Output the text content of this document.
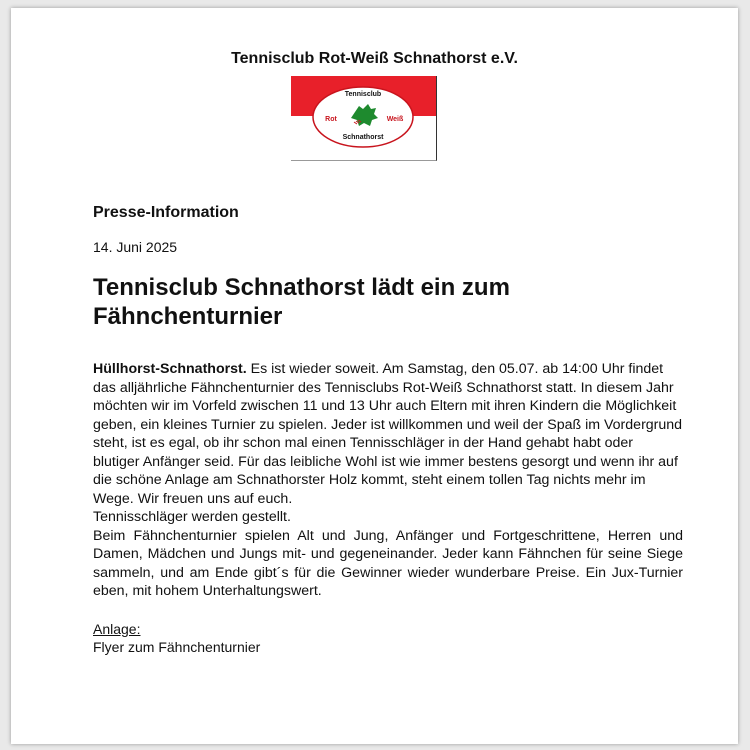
Tennisclub Rot-Weiß Schnathorst e.V.
Tennisclub
Rot	Weiß
Schnathorst
Presse-Information
14. Juni 2025
Tennisclub Schnathorst lädt ein zum Fähnchenturnier

Hüllhorst-Schnathorst. Es ist wieder soweit. Am Samstag, den 05.07. ab 14:00 Uhr findet das alljährliche Fähnchenturnier des Tennisclubs Rot-Weiß Schnathorst statt. In diesem Jahr möchten wir im Vorfeld zwischen 11 und 13 Uhr auch Eltern mit ihren Kindern die Möglichkeit geben, ein kleines Turnier zu spielen. Jeder ist willkommen und weil der Spaß im Vordergrund steht, ist es egal, ob ihr schon mal einen Tennisschläger in der Hand gehabt habt oder blutiger Anfänger seid. Für das leibliche Wohl ist wie immer bestens gesorgt und wenn ihr auf die schöne Anlage am Schnathorster Holz kommt, steht einem tollen Tag nichts mehr im Wege. Wir freuen uns auf euch.

Tennisschläger werden gestellt.

Beim Fähnchenturnier spielen Alt und Jung, Anfänger und Fortgeschrittene, Herren und Damen, Mädchen und Jungs mit- und gegeneinander. Jeder kann Fähnchen für seine Siege sammeln, und am Ende gibt´s für die Gewinner wieder wunderbare Preise. Ein Jux-Turnier eben, mit hohem Unterhaltungswert.

Anlage:
Flyer zum Fähnchenturnier
